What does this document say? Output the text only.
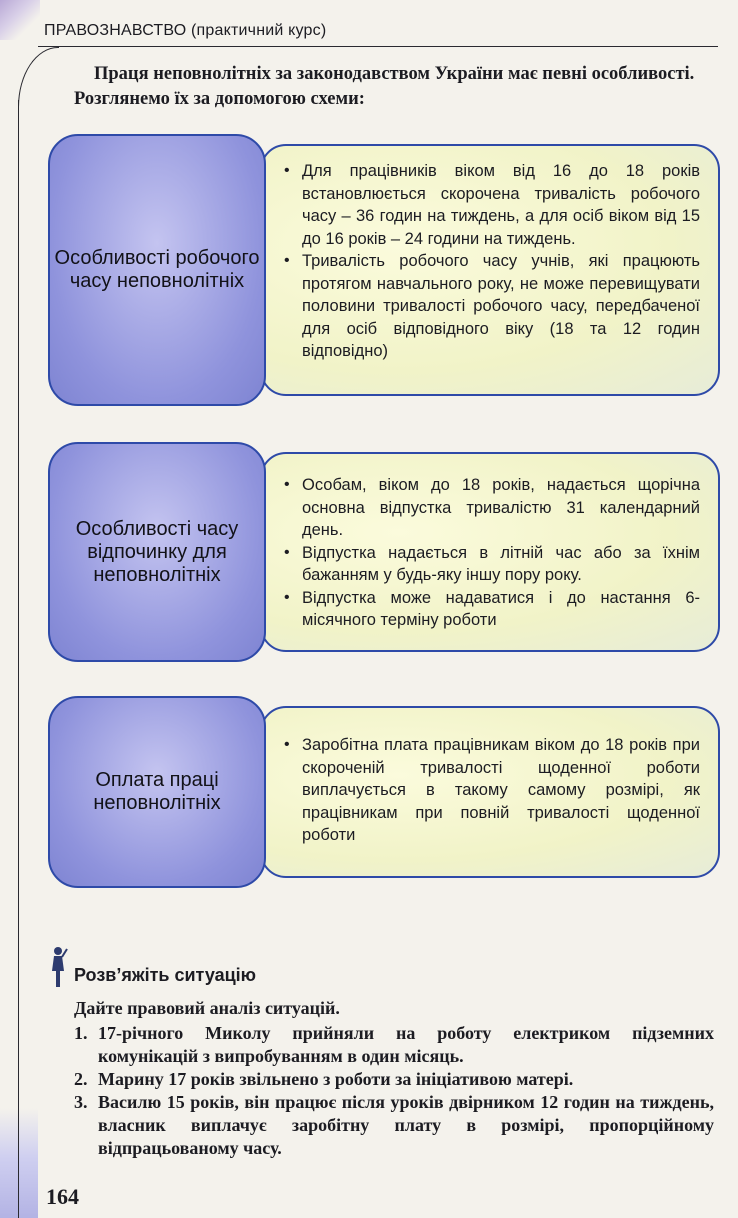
ПРАВОЗНАВСТВО (практичний курс)

Праця неповнолітніх за законодавством України має певні особливості. Розглянемо їх за допомогою схеми:

Особливості робочого часу неповнолітніх
• Для працівників віком від 16 до 18 років встановлюється скорочена тривалість робочого часу – 36 годин на тиждень, а для осіб віком від 15 до 16 років – 24 години на тиждень.
• Тривалість робочого часу учнів, які працюють протягом навчального року, не може перевищувати половини тривалості робочого часу, передбаченої для осіб відповідного віку (18 та 12 годин відповідно)
Особливості часу відпочинку для неповнолітніх
• Особам, віком до 18 років, надається щорічна основна відпустка тривалістю 31 календарний день.
• Відпустка надається в літній час або за їхнім бажанням у будь-яку іншу пору року.
• Відпустка може надаватися і до настання 6-місячного терміну роботи
Оплата праці неповнолітніх
• Заробітна плата працівникам віком до 18 років при скороченій тривалості щоденної роботи виплачується в такому самому розмірі, як працівникам при повній тривалості щоденної роботи
Розв’яжіть ситуацію
Дайте правовий аналіз ситуацій.
1. 17-річного Миколу прийняли на роботу електриком підземних комунікацій з випробуванням в один місяць.
2. Марину 17 років звільнено з роботи за ініціативою матері.
3. Василю 15 років, він працює після уроків двірником 12 годин на тиждень, власник виплачує заробітну плату в розмірі, пропорційному відпрацьованому часу.
164
